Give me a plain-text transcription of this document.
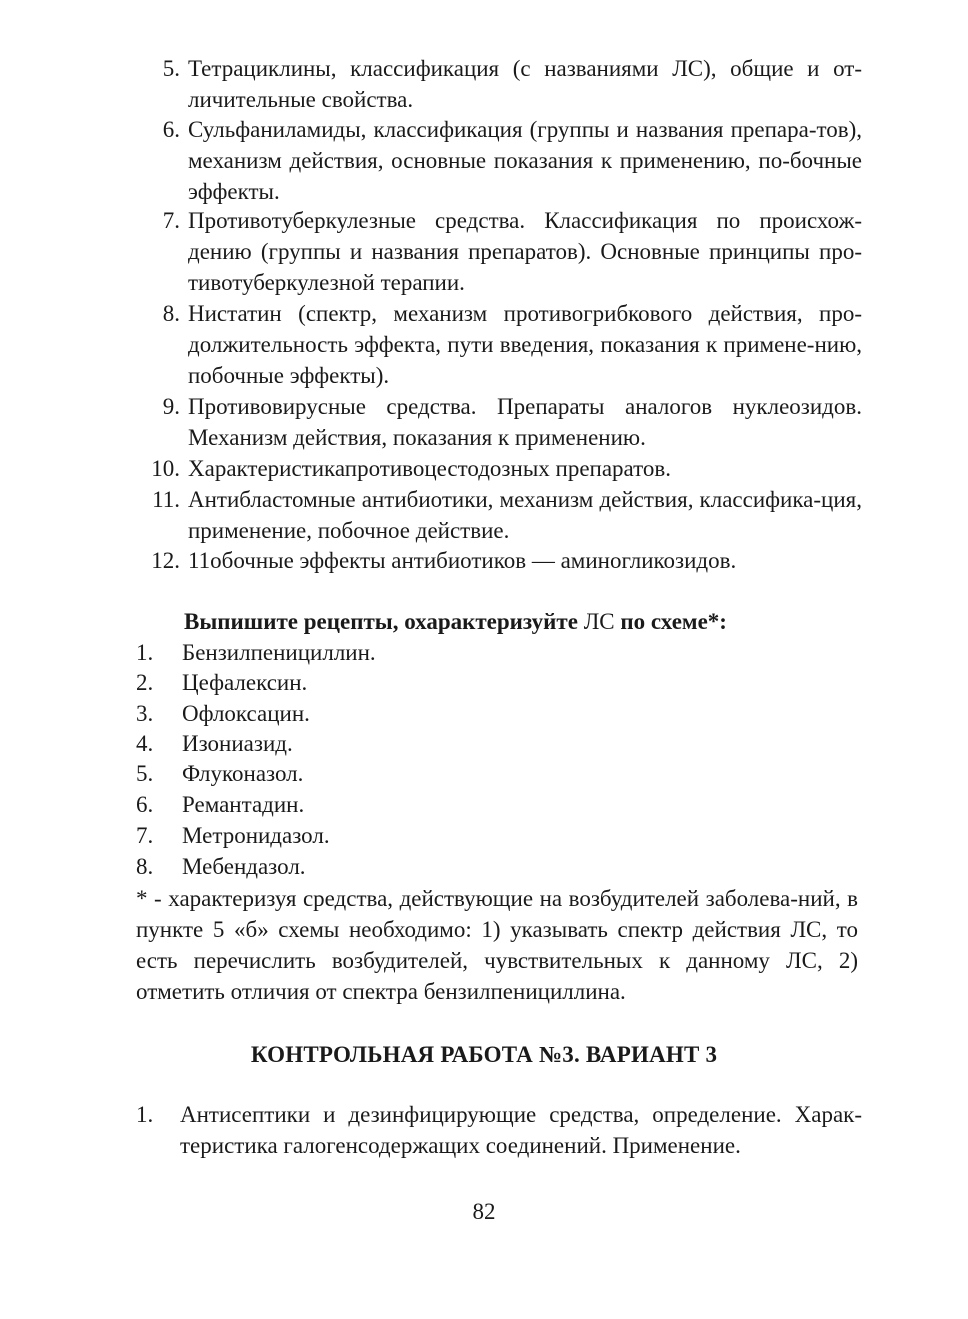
5. Тетрациклины, классификация (с названиями ЛС), общие и от-личительные свойства.
6. Сульфаниламиды, классификация (группы и названия препара-тов), механизм действия, основные показания к применению, по-бочные эффекты.
7. Противотуберкулезные средства. Классификация по происхож-дению (группы и названия препаратов). Основные принципы про-тивотуберкулезной терапии.
8. Нистатин (спектр, механизм противогрибкового действия, про-должительность эффекта, пути введения, показания к примене-нию, побочные эффекты).
9. Противовирусные средства. Препараты аналогов нуклеозидов. Механизм действия, показания к применению.
10. Характеристикапротивоцестодозных препаратов.
11. Антибластомные антибиотики, механизм действия, классифика-ция, применение, побочное действие.
12. 11обочные эффекты антибиотиков — аминогликозидов.
Выпишите рецепты, охарактеризуйте ЛС по схеме*:
1. Бензилпенициллин.
2. Цефалексин.
3. Офлоксацин.
4. Изониазид.
5. Флуконазол.
6. Ремантадин.
7. Метронидазол.
8. Мебендазол.
* - характеризуя средства, действующие на возбудителей заболева-ний, в пункте 5 «б» схемы необходимо: 1) указывать спектр действия ЛС, то есть перечислить возбудителей, чувствительных к данному ЛС, 2) отметить отличия от спектра бензилпенициллина.
КОНТРОЛЬНАЯ РАБОТА №3. ВАРИАНТ 3
1.	Антисептики и дезинфицирующие средства, определение. Харак-теристика галогенсодержащих соединений. Применение.
82
